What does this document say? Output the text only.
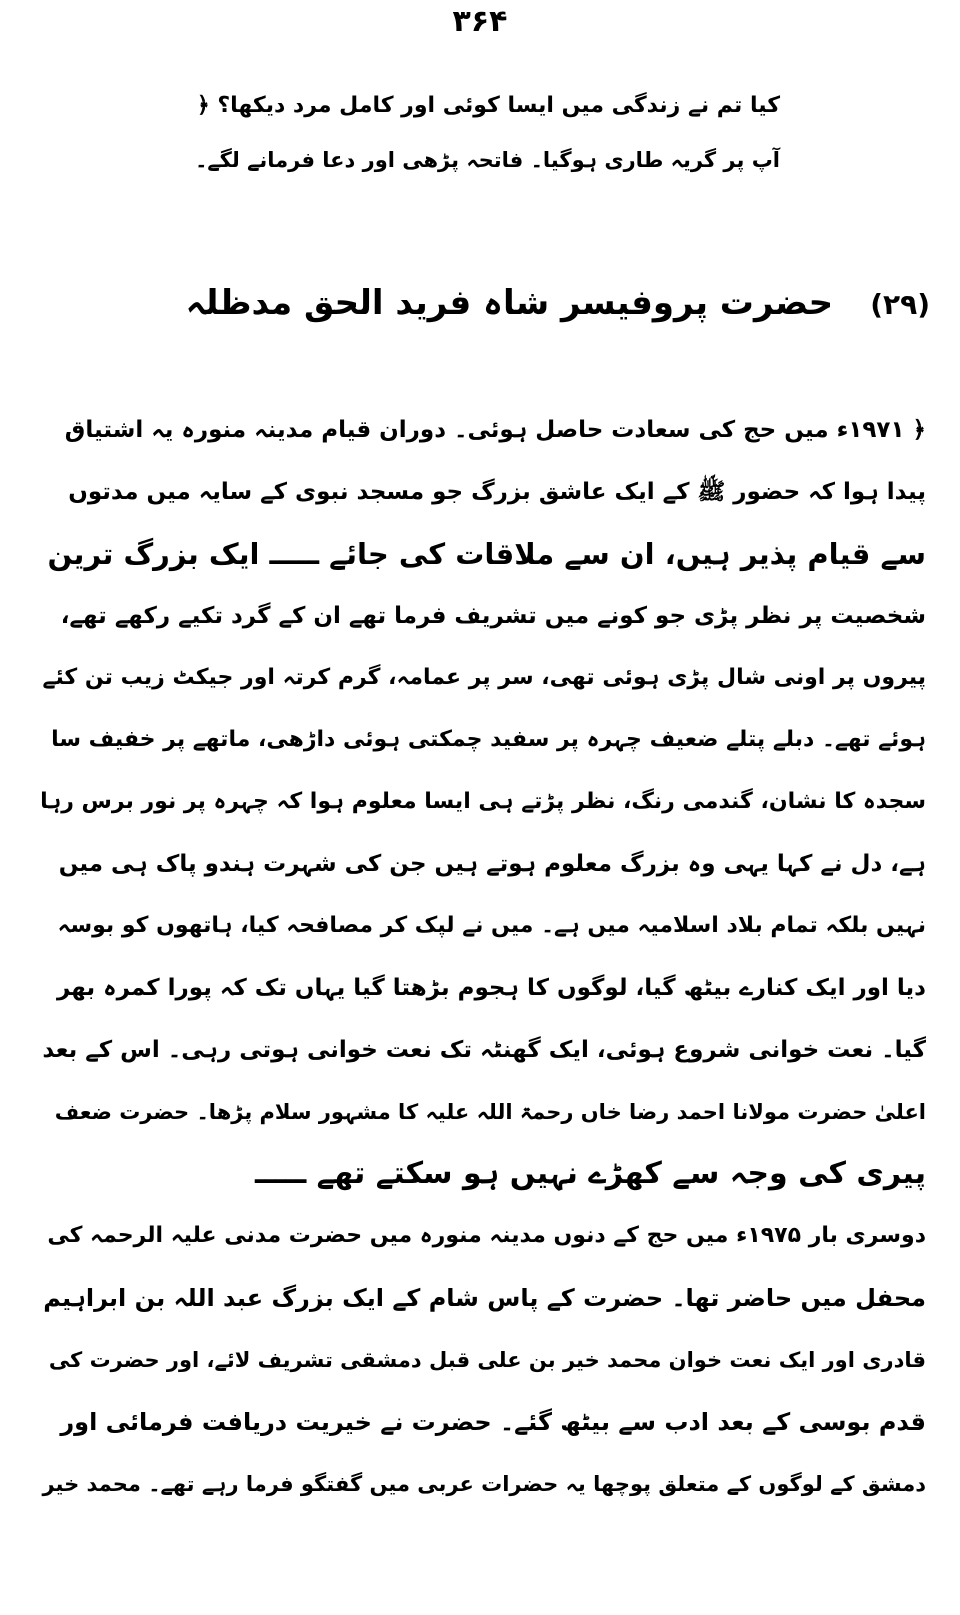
۳۶۴
کیا تم نے زندگی میں ایسا کوئی اور کامل مرد دیکھا؟ ﴿
آپ پر گریہ طاری ہوگیا۔ فاتحہ پڑھی اور دعا فرمانے لگے۔
(۲۹) حضرت پروفیسر شاہ فرید الحق مدظلہ
﴿ ۱۹۷۱ء میں حج کی سعادت حاصل ہوئی۔ دوران قیام مدینہ منورہ یہ اشتیاق
پیدا ہوا کہ حضور ﷺ کے ایک عاشق بزرگ جو مسجد نبوی کے سایہ میں مدتوں
سے قیام پذیر ہیں، ان سے ملاقات کی جائے ـــــ ایک بزرگ ترین
شخصیت پر نظر پڑی جو کونے میں تشریف فرما تھے ان کے گرد تکیے رکھے تھے،
پیروں پر اونی شال پڑی ہوئی تھی، سر پر عمامہ، گرم کرتہ اور جیکٹ زیب تن کئے
ہوئے تھے۔ دبلے پتلے ضعیف چہرہ پر سفید چمکتی ہوئی داڑھی، ماتھے پر خفیف سا
سجدہ کا نشان، گندمی رنگ، نظر پڑتے ہی ایسا معلوم ہوا کہ چہرہ پر نور برس رہا
ہے، دل نے کہا یہی وہ بزرگ معلوم ہوتے ہیں جن کی شہرت ہندو پاک ہی میں
نہیں بلکہ تمام بلاد اسلامیہ میں ہے۔ میں نے لپک کر مصافحہ کیا، ہاتھوں کو بوسہ
دیا اور ایک کنارے بیٹھ گیا، لوگوں کا ہجوم بڑھتا گیا یہاں تک کہ پورا کمرہ بھر
گیا۔ نعت خوانی شروع ہوئی، ایک گھنٹہ تک نعت خوانی ہوتی رہی۔ اس کے بعد
اعلیٰ حضرت مولانا احمد رضا خاں رحمۃ اللہ علیہ کا مشہور سلام پڑھا۔ حضرت ضعف
پیری کی وجہ سے کھڑے نہیں ہو سکتے تھے ـــــ
دوسری بار ۱۹۷۵ء میں حج کے دنوں مدینہ منورہ میں حضرت مدنی علیہ الرحمہ کی
محفل میں حاضر تھا۔ حضرت کے پاس شام کے ایک بزرگ عبد اللہ بن ابراہیم
قادری اور ایک نعت خوان محمد خیر بن علی قبل دمشقی تشریف لائے، اور حضرت کی
قدم بوسی کے بعد ادب سے بیٹھ گئے۔ حضرت نے خیریت دریافت فرمائی اور
دمشق کے لوگوں کے متعلق پوچھا یہ حضرات عربی میں گفتگو فرما رہے تھے۔ محمد خیر
